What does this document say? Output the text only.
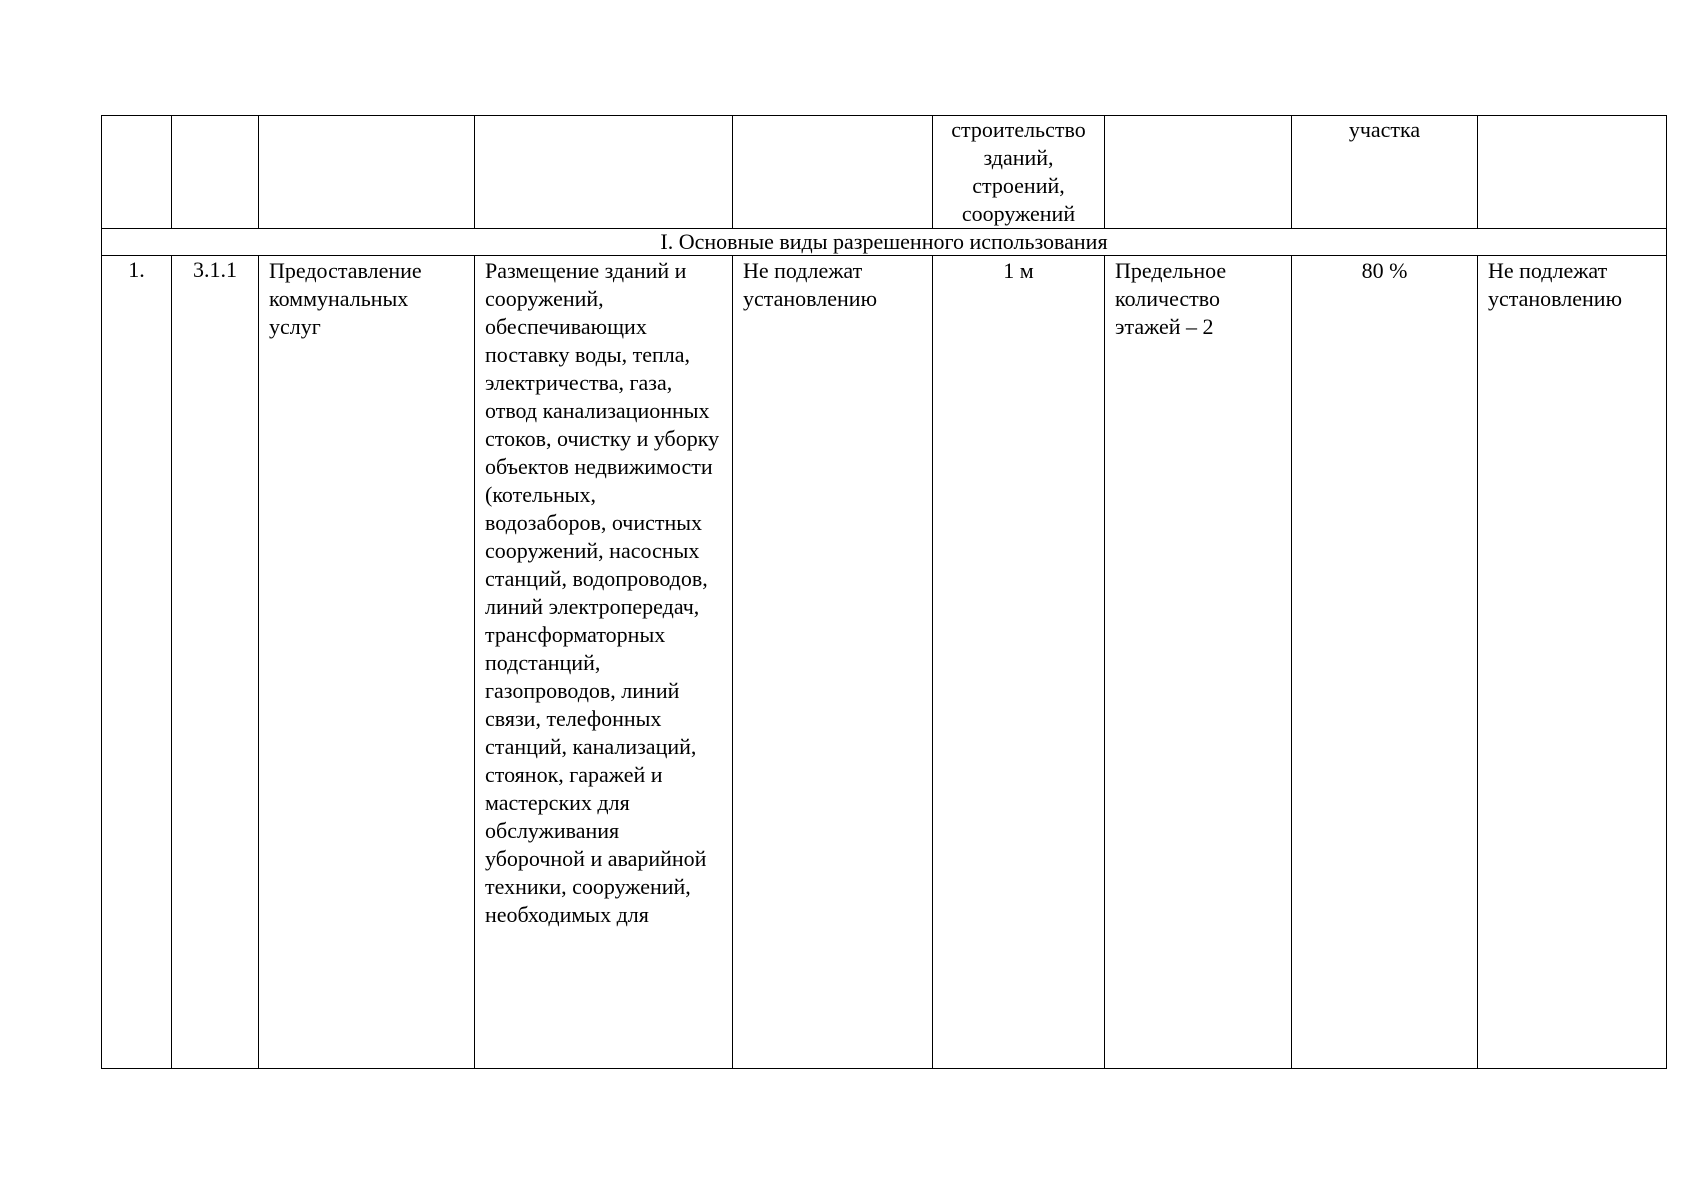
					строительство
зданий,
строений,
сооружений		участка	
I. Основные виды разрешенного использования								
1.	3.1.1	Предоставление коммунальных услуг	Размещение зданий и сооружений, обеспечивающих поставку воды, тепла, электричества, газа, отвод канализационных стоков, очистку и уборку объектов недвижимости (котельных, водозаборов, очистных сооружений, насосных станций, водопроводов, линий электропередач, трансформаторных подстанций, газопроводов, линий связи, телефонных станций, канализаций, стоянок, гаражей и мастерских для обслуживания уборочной и аварийной техники, сооружений, необходимых для	Не подлежат установлению	1 м	Предельное количество этажей – 2	80 %	Не подлежат установлению
